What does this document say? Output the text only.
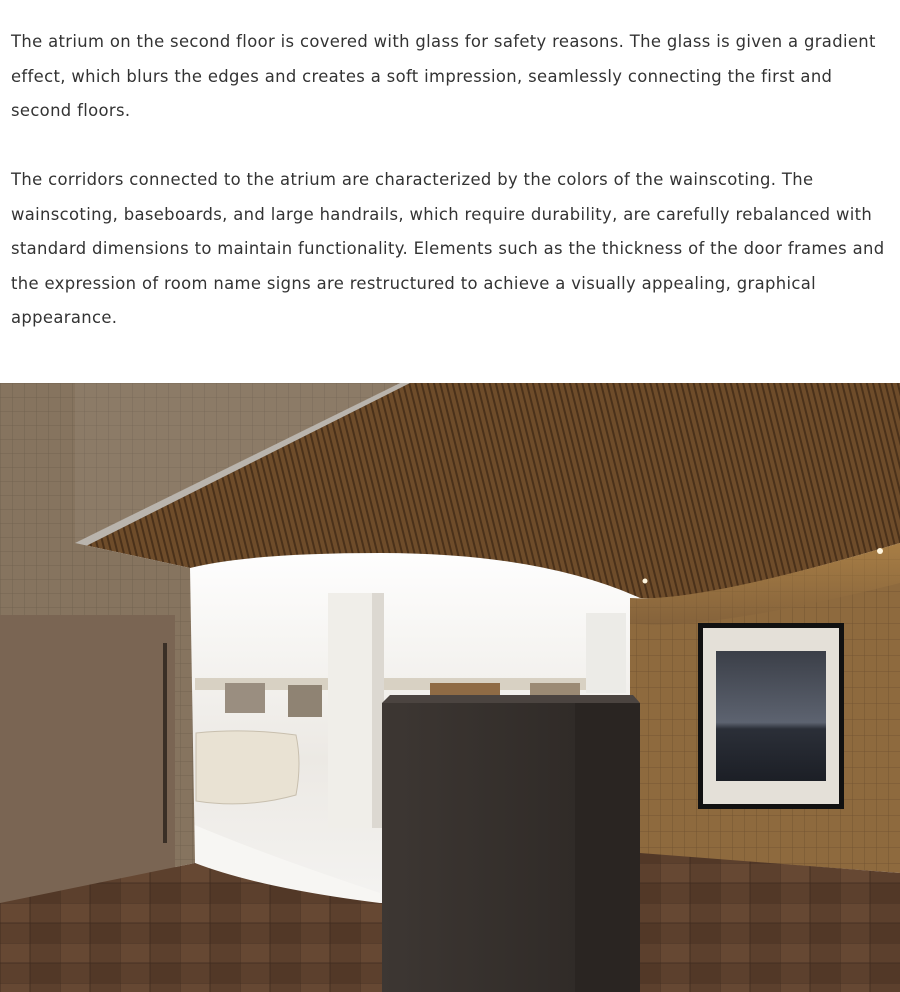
The atrium on the second floor is covered with glass for safety reasons. The glass is given a gradient effect, which blurs the edges and creates a soft impression, seamlessly connecting the first and second floors.

The corridors connected to the atrium are characterized by the colors of the wainscoting. The wainscoting, baseboards, and large handrails, which require durability, are carefully rebalanced with standard dimensions to maintain functionality. Elements such as the thickness of the door frames and the expression of room name signs are restructured to achieve a visually appealing, graphical appearance.
